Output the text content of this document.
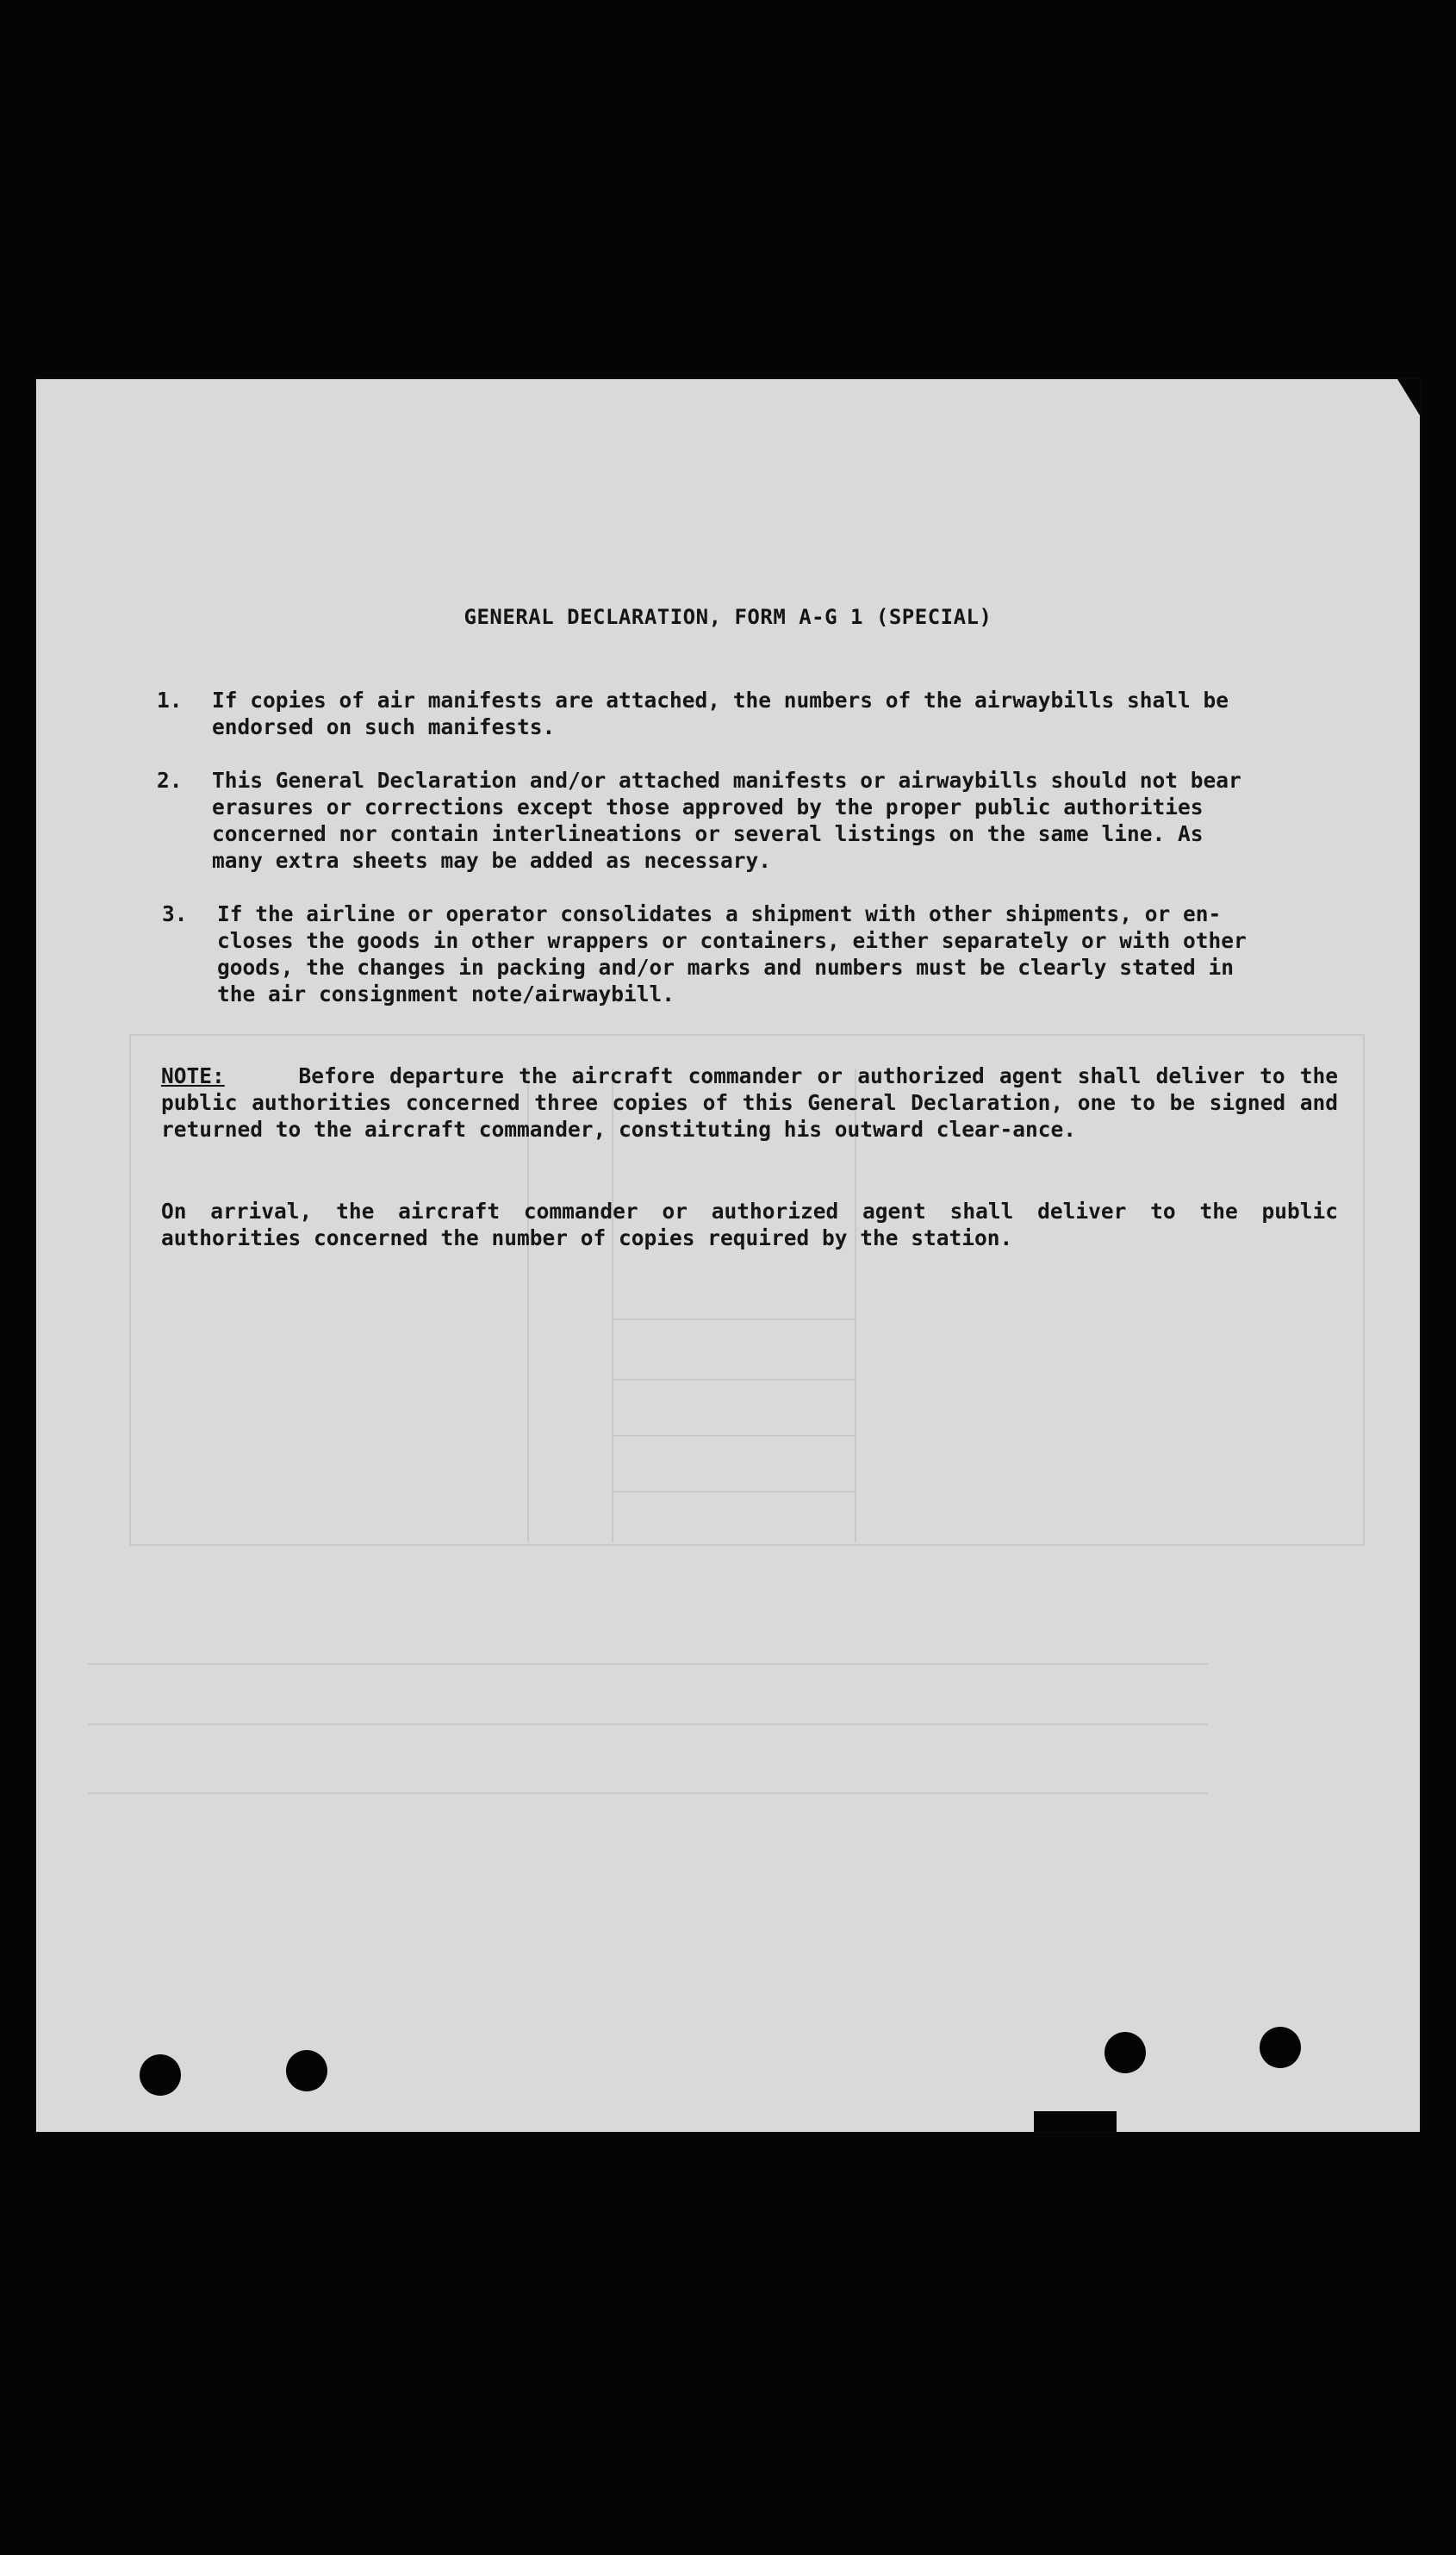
GENERAL DECLARATION, FORM A-G 1 (SPECIAL)
1.	If copies of air manifests are attached, the numbers of the airwaybills shall be
endorsed on such manifests.
2.	This General Declaration and/or attached manifests or airwaybills should not bear
erasures or corrections except those approved by the proper public authorities
concerned nor contain interlineations or several listings on the same line. As
many extra sheets may be added as necessary.
3.	If the airline or operator consolidates a shipment with other shipments, or en-
closes the goods in other wrappers or containers, either separately or with other
goods, the changes in packing and/or marks and numbers must be clearly stated in
the air consignment note/airwaybill.
NOTE:	Before departure the aircraft commander or authorized agent shall deliver to the public authorities concerned three copies of this General Declaration, one to be signed and returned to the aircraft commander, constituting his outward clear-ance.
On arrival, the aircraft commander or authorized agent shall deliver to the public authorities concerned the number of copies required by the station.
